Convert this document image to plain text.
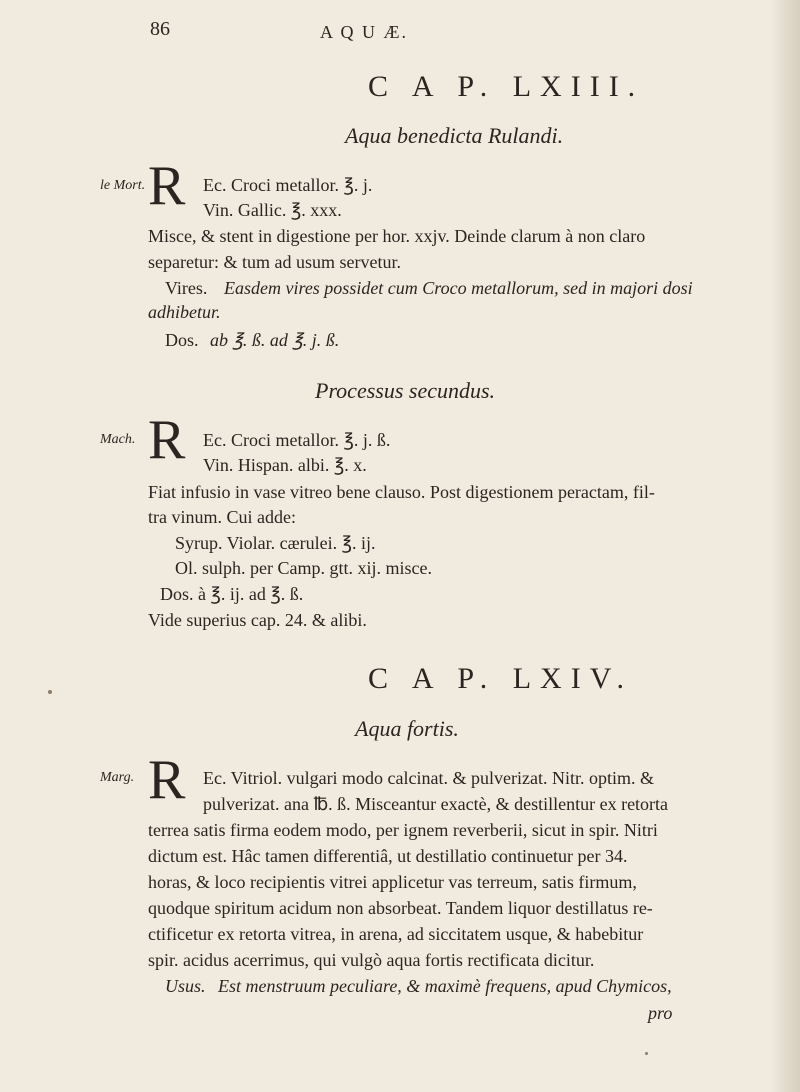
86	A Q U Æ.
C A P. LXIII.
Aqua benedicta Rulandi.
le Mort. R Ec. Croci metallor. ℥. j.
Vin. Gallic. ℥. xxx.
Misce, & stent in digestione per hor. xxjv. Deinde clarum à non claro
separetur: & tum ad usum servetur.
Vires. Easdem vires possidet cum Croco metallorum, sed in majori dosi
adhibetur.
Dos. ab ℥. ß. ad ℥. j. ß.
Processus secundus.
Mach. R Ec. Croci metallor. ℥. j. ß.
Vin. Hispan. albi. ℥. x.
Fiat infusio in vase vitreo bene clauso. Post digestionem peractam, fil-
tra vinum. Cui adde:
Syrup. Violar. cærulei. ℥. ij.
Ol. sulph. per Camp. gtt. xij. misce.
Dos. à ℥. ij. ad ℥. ß.
Vide superius cap. 24. & alibi.
C A P. LXIV.
Aqua fortis.
Marg. R Ec. Vitriol. vulgari modo calcinat. & pulverizat. Nitr. optim. &
pulverizat. ana ℔. ß. Misceantur exactè, & destillentur ex retorta
terrea satis firma eodem modo, per ignem reverberii, sicut in spir. Nitri
dictum est. Hâc tamen differentiâ, ut destillatio continuetur per 34.
horas, & loco recipientis vitrei applicetur vas terreum, satis firmum,
quodque spiritum acidum non absorbeat. Tandem liquor destillatus re-
ctificetur ex retorta vitrea, in arena, ad siccitatem usque, & habebitur
spir. acidus acerrimus, qui vulgò aqua fortis rectificata dicitur.
Usus. Est menstruum peculiare, & maximè frequens, apud Chymicos,
pro
